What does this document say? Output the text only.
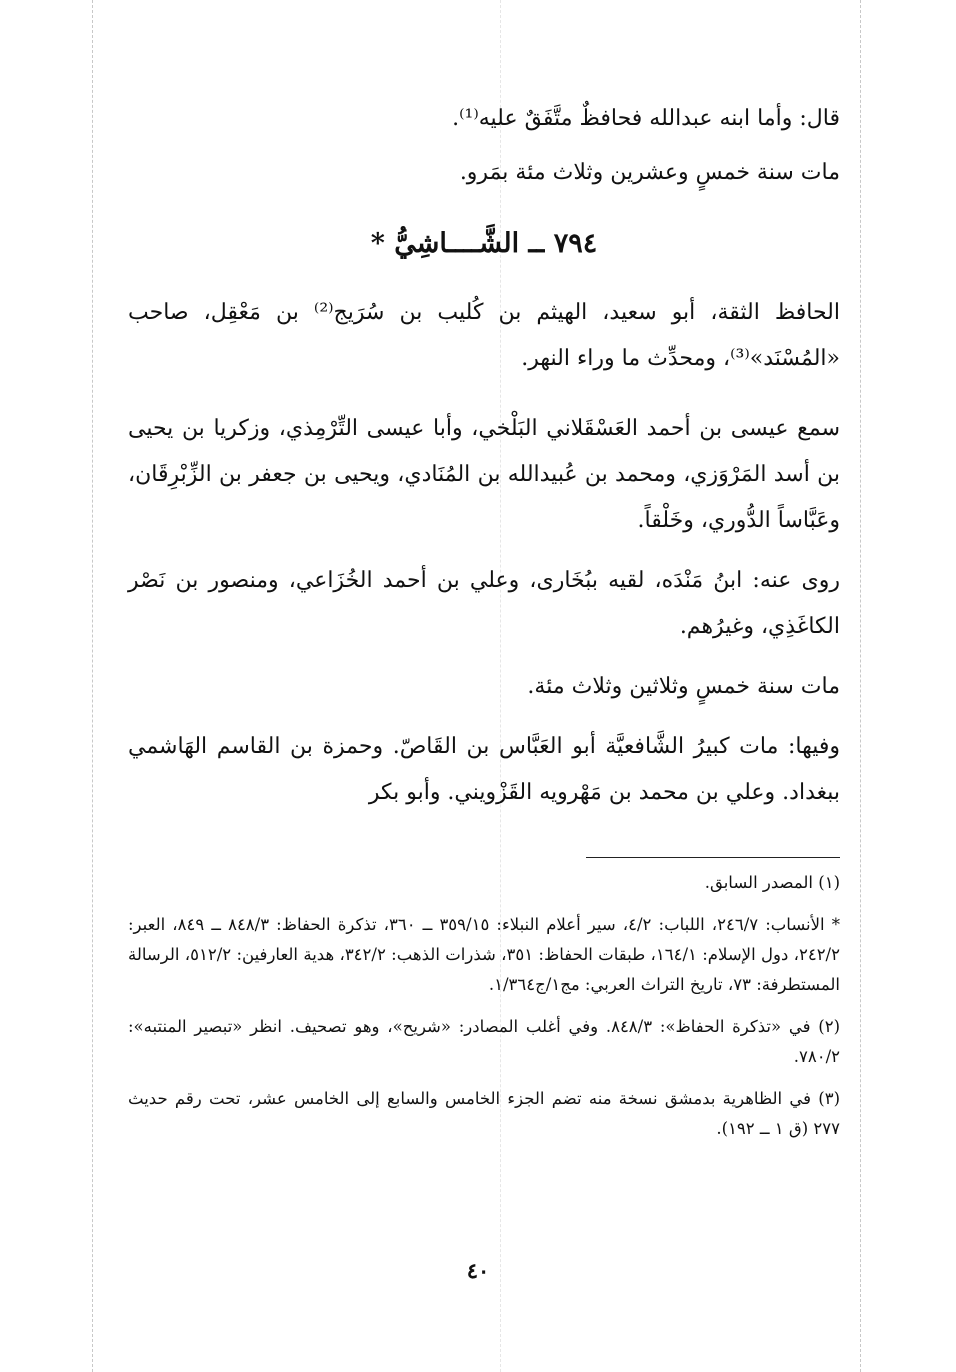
قال: وأما ابنه عبدالله فحافظٌ متَّفَقٌ عليه⁽¹⁾.

مات سنة خمسٍ وعشرين وثلاث مئة بمَرو.

٧٩٤ ــ الشَّــــاشِيُّ *

الحافظ الثقة، أبو سعيد، الهيثم بن كُليب بن سُرَيج⁽²⁾ بن مَعْقِل، صاحب «المُسْنَد»⁽³⁾، ومحدِّث ما وراء النهر.

سمع عيسى بن أحمد العَسْقَلاني البَلْخي، وأبا عيسى التِّرْمِذي، وزكريا بن يحيى بن أسد المَرْوَزي، ومحمد بن عُبيدالله بن المُنَادي، ويحيى بن جعفر بن الزِّبْرِقَان، وعَبَّاساً الدُّوري، وخَلْقاً.

روى عنه: ابنُ مَنْدَه، لقيه ببُخَارى، وعلي بن أحمد الخُزَاعي، ومنصور بن نَصْر الكاغَذِي، وغيرُهم.

مات سنة خمسٍ وثلاثين وثلاث مئة.

وفيها: مات كبيرُ الشَّافعيَّة أبو العَبَّاس بن القَاصّ. وحمزة بن القاسم الهَاشمي ببغداد. وعلي بن محمد بن مَهْرويه القَزْويني. وأبو بكر

(١) المصدر السابق.

* الأنساب: ٢٤٦/٧، اللباب: ٤/٢، سير أعلام النبلاء: ٣٥٩/١٥ ــ ٣٦٠، تذكرة الحفاظ: ٨٤٨/٣ ــ ٨٤٩، العبر: ٢٤٢/٢، دول الإسلام: ١٦٤/١، طبقات الحفاظ: ٣٥١، شذرات الذهب: ٣٤٢/٢، هدية العارفين: ٥١٢/٢، الرسالة المستطرفة: ٧٣، تاريخ التراث العربي: مج١/ج١/٣٦٤.

(٢) في «تذكرة الحفاظ»: ٨٤٨/٣. وفي أغلب المصادر: «شريح»، وهو تصحيف. انظر «تبصير المنتبه»: ٧٨٠/٢.

(٣) في الظاهرية بدمشق نسخة منه تضم الجزء الخامس والسابع إلى الخامس عشر، تحت رقم حديث ٢٧٧ (ق ١ ــ ١٩٢).

٤٠
